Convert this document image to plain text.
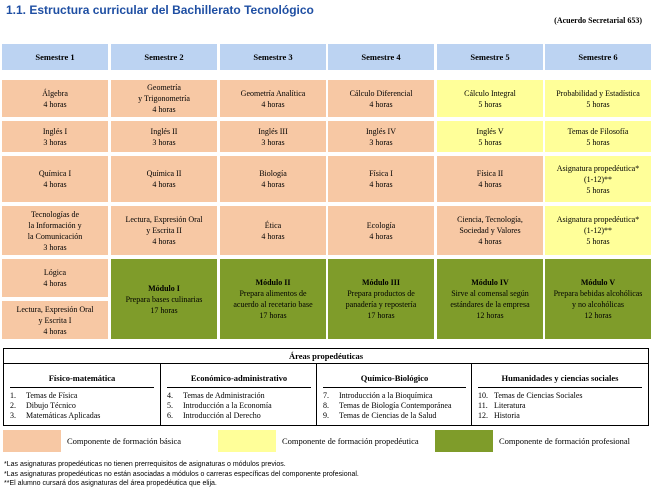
1.1. Estructura curricular del Bachillerato Tecnológico
(Acuerdo Secretarial 653)
Semestre 1
Álgebra
4 horas
Inglés I
3 horas
Química I
4 horas
Tecnologías de
la Información y
la Comunicación
3 horas
Lógica
4 horas
Lectura, Expresión Oral
y Escrita I
4 horas
Semestre 2
Geometría
y Trigonometría
4 horas
Inglés II
3 horas
Química II
4 horas
Lectura, Expresión Oral
y Escrita II
4 horas
Módulo I
Prepara bases culinarias
17 horas
Semestre 3
Geometría Analítica
4 horas
Inglés III
3 horas
Biología
4 horas
Ética
4 horas
Módulo II
Prepara alimentos de
acuerdo al recetario base
17 horas
Semestre 4
Cálculo Diferencial
4 horas
Inglés IV
3 horas
Física I
4 horas
Ecología
4 horas
Módulo III
Prepara productos de
panadería y repostería
17 horas
Semestre 5
Cálculo Integral
5 horas
Inglés V
5 horas
Física II
4 horas
Ciencia, Tecnología,
Sociedad y Valores
4 horas
Módulo IV
Sirve al comensal según
estándares de la empresa
12 horas
Semestre 6
Probabilidad y Estadística
5 horas
Temas de Filosofía
5 horas
Asignatura propedéutica*
(1-12)**
5 horas
Asignatura propedéutica*
(1-12)**
5 horas
Módulo V
Prepara bebidas alcohólicas
y no alcohólicas
12 horas
Áreas propedéuticas
Físico-matemática
1. Temas de Física
2. Dibujo Técnico
3. Matemáticas Aplicadas
Económico-administrativo
4. Temas de Administración
5. Introducción a la Economía
6. Introducción al Derecho
Químico-Biológico
7. Introducción a la Bioquímica
8. Temas de Biología Contemporánea
9. Temas de Ciencias de la Salud
Humanidades y ciencias sociales
10. Temas de Ciencias Sociales
11. Literatura
12. Historia
Componente de formación básica	Componente de formación propedéutica	Componente de formación profesional
*Las asignaturas propedéuticas no tienen prerrequisitos de asignaturas o módulos previos.
*Las asignaturas propedéuticas no están asociadas a módulos o carreras específicas del componente profesional.
**El alumno cursará dos asignaturas del área propedéutica que elija.
